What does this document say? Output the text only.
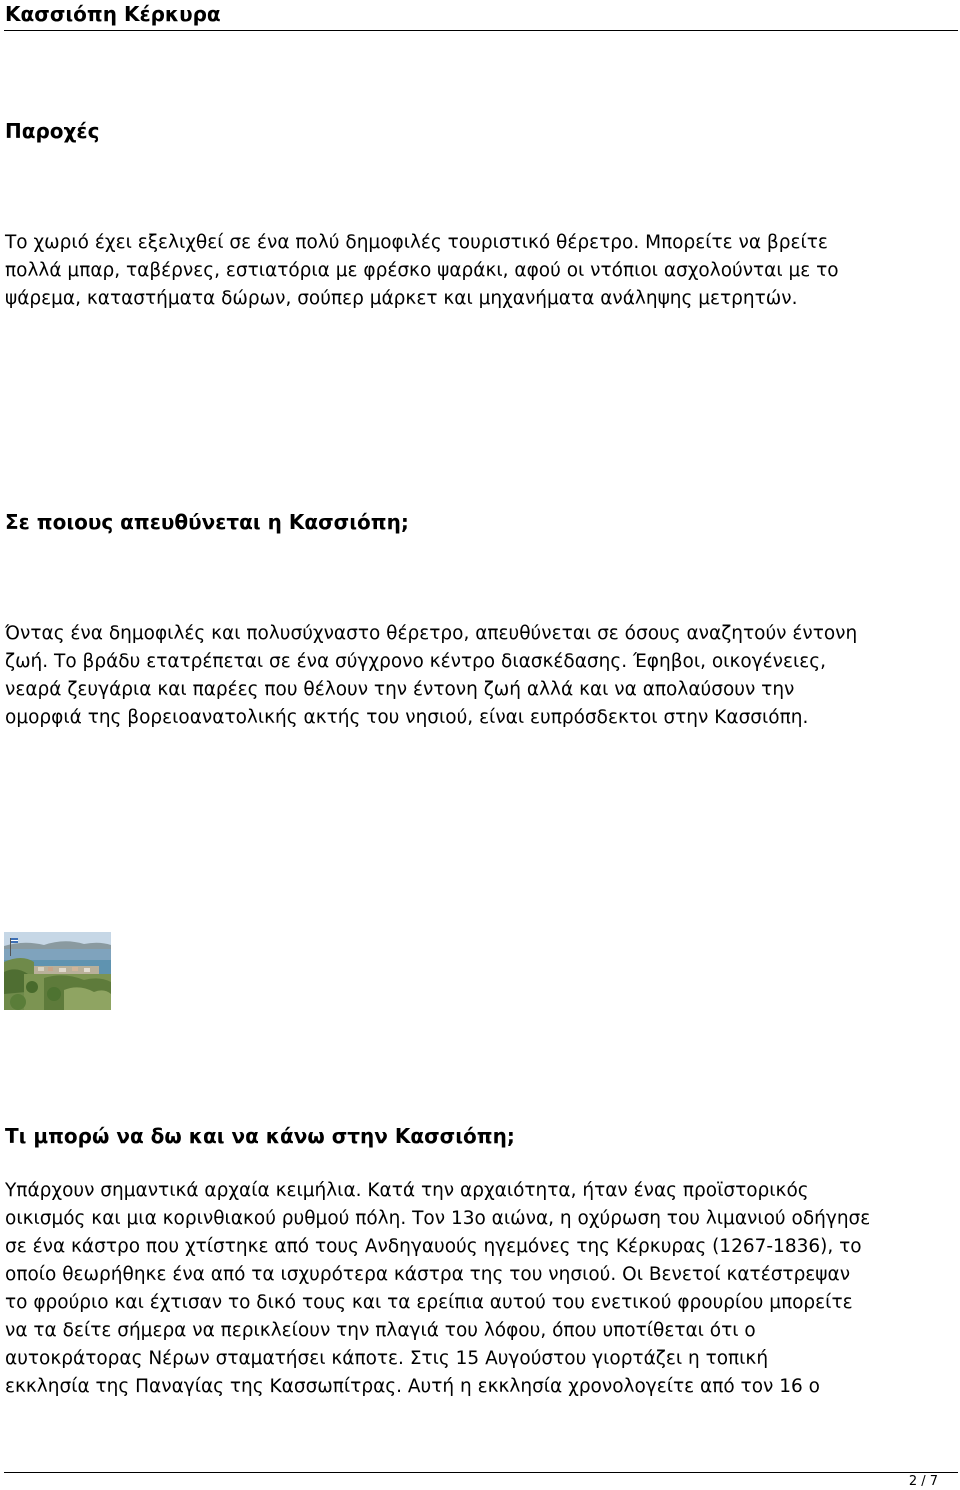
Κασσιόπη Κέρκυρα
Παροχές
Το χωριό έχει εξελιχθεί σε ένα πολύ δημοφιλές τουριστικό θέρετρο. Μπορείτε να βρείτε
πολλά μπαρ, ταβέρνες, εστιατόρια με φρέσκο ψαράκι, αφού οι ντόπιοι ασχολούνται με το
ψάρεμα, καταστήματα δώρων, σούπερ μάρκετ και μηχανήματα ανάληψης μετρητών.
Σε ποιους απευθύνεται η Κασσιόπη;
Όντας ένα δημοφιλές και πολυσύχναστο θέρετρο, απευθύνεται σε όσους αναζητούν έντονη
ζωή. Το βράδυ ετατρέπεται σε ένα σύγχρονο κέντρο διασκέδασης. Έφηβοι, οικογένειες,
νεαρά ζευγάρια και παρέες που θέλουν την έντονη ζωή αλλά και να απολαύσουν την
ομορφιά της βορειοανατολικής ακτής του νησιού, είναι ευπρόσδεκτοι στην Κασσιόπη.
Τι μπορώ να δω και να κάνω στην Κασσιόπη;
Υπάρχουν σημαντικά αρχαία κειμήλια. Κατά την αρχαιότητα, ήταν ένας προϊστορικός
οικισμός και μια κορινθιακού ρυθμού πόλη. Τον 13ο αιώνα, η οχύρωση του λιμανιού οδήγησε
σε ένα κάστρο που χτίστηκε από τους Ανδηγαυούς ηγεμόνες της Κέρκυρας (1267-1836), το
οποίο θεωρήθηκε ένα από τα ισχυρότερα κάστρα της του νησιού. Οι Βενετοί κατέστρεψαν
το φρούριο και έχτισαν το δικό τους και τα ερείπια αυτού του ενετικού φρουρίου μπορείτε
να τα δείτε σήμερα να περικλείουν την πλαγιά του λόφου, όπου υποτίθεται ότι ο
αυτοκράτορας Νέρων σταματήσει κάποτε. Στις 15 Αυγούστου γιορτάζει η τοπική
εκκλησία της Παναγίας της Κασσωπίτρας. Αυτή η εκκλησία χρονολογείτε από τον 16 ο
2 / 7
